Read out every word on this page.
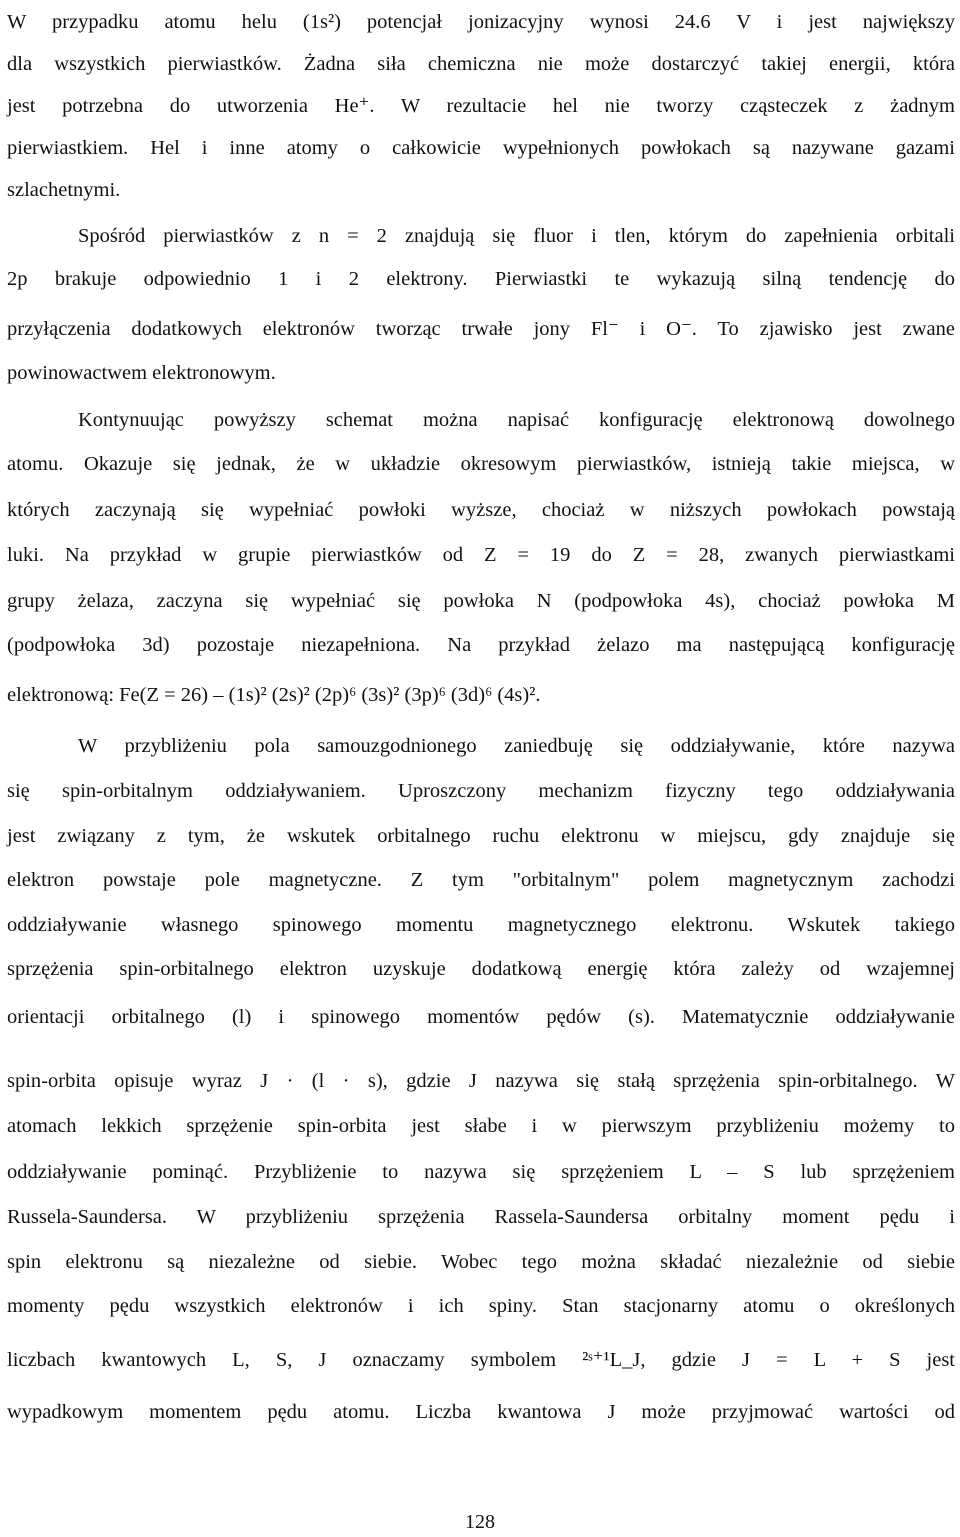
W przypadku atomu helu (1s²) potencjał jonizacyjny wynosi 24.6 V i jest największy
dla wszystkich pierwiastków. Żadna siła chemiczna nie może dostarczyć takiej energii, która
jest potrzebna do utworzenia He⁺. W rezultacie hel nie tworzy cząsteczek z żadnym
pierwiastkiem. Hel i inne atomy o całkowicie wypełnionych powłokach są nazywane gazami
szlachetnymi.
Spośród pierwiastków z n = 2 znajdują się fluor i tlen, którym do zapełnienia orbitali
2p brakuje odpowiednio 1 i 2 elektrony. Pierwiastki te wykazują silną tendencję do
przyłączenia dodatkowych elektronów tworząc trwałe jony Fl⁻ i O⁻. To zjawisko jest zwane
powinowactwem elektronowym.
Kontynuując powyższy schemat można napisać konfigurację elektronową dowolnego
atomu. Okazuje się jednak, że w układzie okresowym pierwiastków, istnieją takie miejsca, w
których zaczynają się wypełniać powłoki wyższe, chociaż w niższych powłokach powstają
luki. Na przykład w grupie pierwiastków od Z = 19 do Z = 28, zwanych pierwiastkami
grupy żelaza, zaczyna się wypełniać się powłoka N (podpowłoka 4s), chociaż powłoka M
(podpowłoka 3d) pozostaje niezapełniona. Na przykład żelazo ma następującą konfigurację
elektronową: Fe(Z = 26) – (1s)² (2s)² (2p)⁶ (3s)² (3p)⁶ (3d)⁶ (4s)².
W przybliżeniu pola samouzgodnionego zaniedbuję się oddziaływanie, które nazywa
się spin-orbitalnym oddziaływaniem. Uproszczony mechanizm fizyczny tego oddziaływania
jest związany z tym, że wskutek orbitalnego ruchu elektronu w miejscu, gdy znajduje się
elektron powstaje pole magnetyczne. Z tym "orbitalnym" polem magnetycznym zachodzi
oddziaływanie własnego spinowego momentu magnetycznego elektronu. Wskutek takiego
sprzężenia spin-orbitalnego elektron uzyskuje dodatkową energię która zależy od wzajemnej
orientacji orbitalnego (l) i spinowego momentów pędów (s). Matematycznie oddziaływanie
spin-orbita opisuje wyraz J · (l · s), gdzie J nazywa się stałą sprzężenia spin-orbitalnego. W
atomach lekkich sprzężenie spin-orbita jest słabe i w pierwszym przybliżeniu możemy to
oddziaływanie pominąć. Przybliżenie to nazywa się sprzężeniem L – S lub sprzężeniem
Russela-Saundersa. W przybliżeniu sprzężenia Rassela-Saundersa orbitalny moment pędu i
spin elektronu są niezależne od siebie. Wobec tego można składać niezależnie od siebie
momenty pędu wszystkich elektronów i ich spiny. Stan stacjonarny atomu o określonych
liczbach kwantowych L, S, J oznaczamy symbolem ²ˢ⁺¹L_J, gdzie J = L + S jest
wypadkowym momentem pędu atomu. Liczba kwantowa J może przyjmować wartości od
128
